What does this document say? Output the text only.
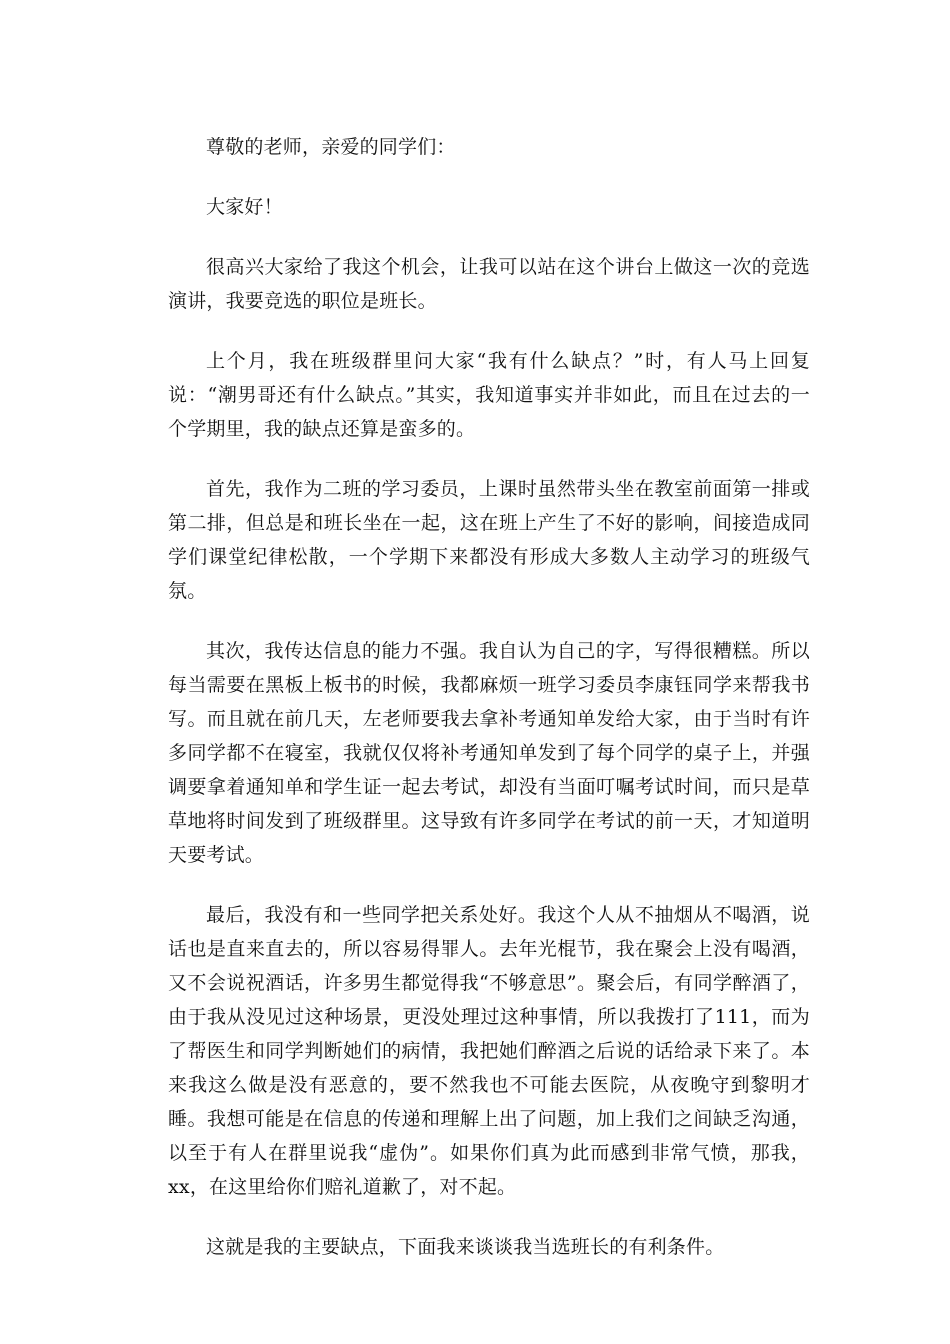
尊敬的老师，亲爱的同学们：

大家好！

很高兴大家给了我这个机会，让我可以站在这个讲台上做这一次的竞选演讲，我要竞选的职位是班长。

上个月，我在班级群里问大家“我有什么缺点？”时，有人马上回复说：“潮男哥还有什么缺点。”其实，我知道事实并非如此，而且在过去的一个学期里，我的缺点还算是蛮多的。

首先，我作为二班的学习委员，上课时虽然带头坐在教室前面第一排或第二排，但总是和班长坐在一起，这在班上产生了不好的影响，间接造成同学们课堂纪律松散，一个学期下来都没有形成大多数人主动学习的班级气氛。

其次，我传达信息的能力不强。我自认为自己的字，写得很糟糕。所以每当需要在黑板上板书的时候，我都麻烦一班学习委员李康钰同学来帮我书写。而且就在前几天，左老师要我去拿补考通知单发给大家，由于当时有许多同学都不在寝室，我就仅仅将补考通知单发到了每个同学的桌子上，并强调要拿着通知单和学生证一起去考试，却没有当面叮嘱考试时间，而只是草草地将时间发到了班级群里。这导致有许多同学在考试的前一天，才知道明天要考试。

最后，我没有和一些同学把关系处好。我这个人从不抽烟从不喝酒，说话也是直来直去的，所以容易得罪人。去年光棍节，我在聚会上没有喝酒，又不会说祝酒话，许多男生都觉得我“不够意思”。聚会后，有同学醉酒了，由于我从没见过这种场景，更没处理过这种事情，所以我拨打了111，而为了帮医生和同学判断她们的病情，我把她们醉酒之后说的话给录下来了。本来我这么做是没有恶意的，要不然我也不可能去医院，从夜晚守到黎明才睡。我想可能是在信息的传递和理解上出了问题，加上我们之间缺乏沟通，以至于有人在群里说我“虚伪”。如果你们真为此而感到非常气愤，那我，xx，在这里给你们赔礼道歉了，对不起。

这就是我的主要缺点，下面我来谈谈我当选班长的有利条件。
